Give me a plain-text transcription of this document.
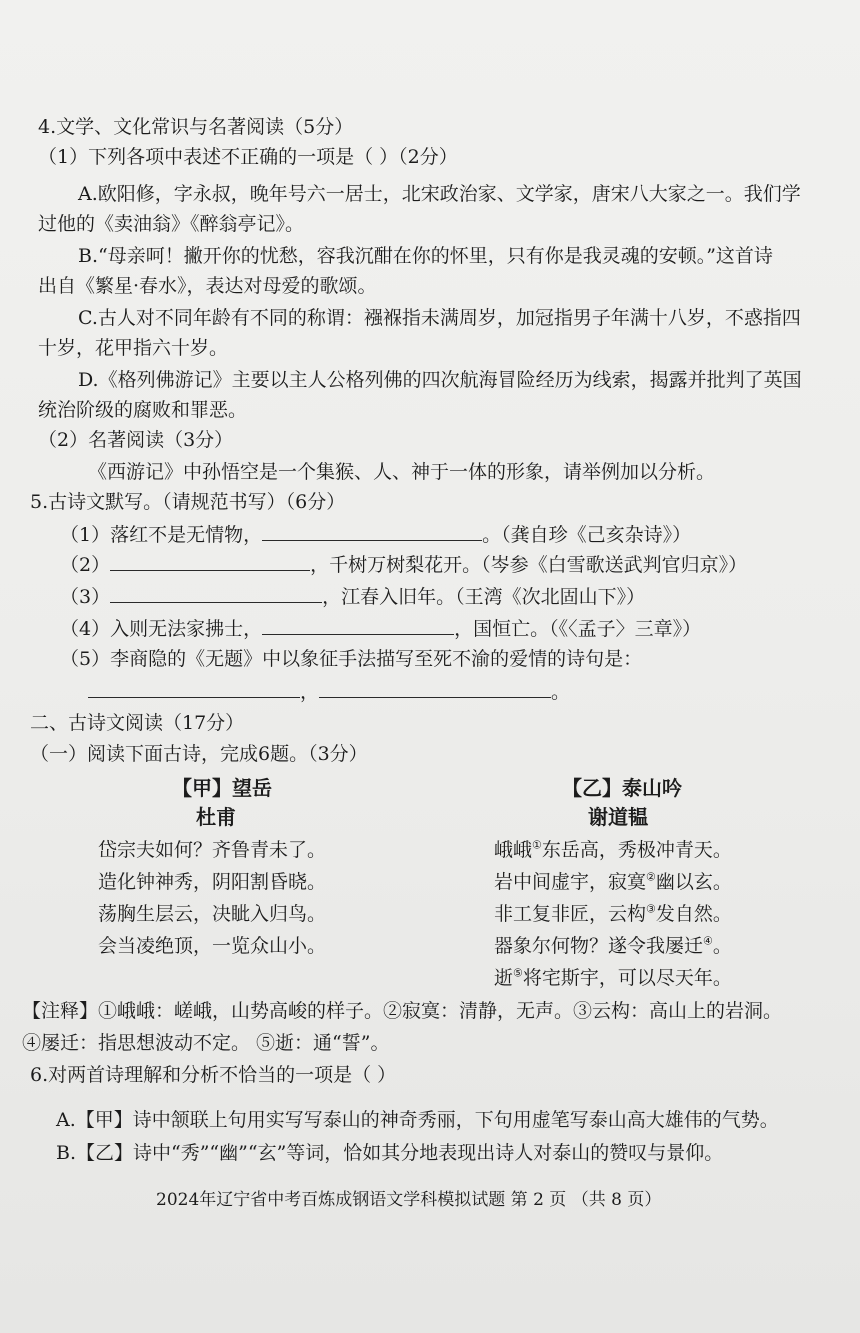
4.文学、文化常识与名著阅读（5分）
（1）下列各项中表述不正确的一项是（ ）（2分）
A.欧阳修，字永叔，晚年号六一居士，北宋政治家、文学家，唐宋八大家之一。我们学
过他的《卖油翁》《醉翁亭记》。
B.“母亲呵！撇开你的忧愁，容我沉酣在你的怀里，只有你是我灵魂的安顿。”这首诗
出自《繁星·春水》，表达对母爱的歌颂。
C.古人对不同年龄有不同的称谓：襁褓指未满周岁，加冠指男子年满十八岁，不惑指四
十岁，花甲指六十岁。
D.《格列佛游记》主要以主人公格列佛的四次航海冒险经历为线索，揭露并批判了英国
统治阶级的腐败和罪恶。
（2）名著阅读（3分）
《西游记》中孙悟空是一个集猴、人、神于一体的形象，请举例加以分析。
5.古诗文默写。（请规范书写）（6分）
（1）落红不是无情物，	。（龚自珍《己亥杂诗》）
（2）	，千树万树梨花开。（岑参《白雪歌送武判官归京》）
（3）	，江春入旧年。（王湾《次北固山下》）
（4）入则无法家拂士，	，国恒亡。（《〈孟子〉三章》）
（5）李商隐的《无题》中以象征手法描写至死不渝的爱情的诗句是：
，	。
二、古诗文阅读（17分）
（一）阅读下面古诗，完成6题。（3分）
【甲】望岳
杜甫
岱宗夫如何？齐鲁青未了。
造化钟神秀，阴阳割昏晓。
荡胸生层云，决眦入归鸟。
会当凌绝顶，一览众山小。
【乙】泰山吟
谢道韫
峨峨①东岳高，秀极冲青天。
岩中间虚宇，寂寞②幽以玄。
非工复非匠，云构③发自然。
器象尔何物？遂令我屡迁④。
逝⑤将宅斯宇，可以尽天年。
【注释】①峨峨：嵯峨，山势高峻的样子。②寂寞：清静，无声。③云构：高山上的岩洞。
④屡迁：指思想波动不定。 ⑤逝：通“誓”。
6.对两首诗理解和分析不恰当的一项是（ ）
A.【甲】诗中颔联上句用实写写泰山的神奇秀丽，下句用虚笔写泰山高大雄伟的气势。
B.【乙】诗中“秀”“幽”“玄”等词，恰如其分地表现出诗人对泰山的赞叹与景仰。
2024年辽宁省中考百炼成钢语文学科模拟试题 第 2 页 （共 8 页）
